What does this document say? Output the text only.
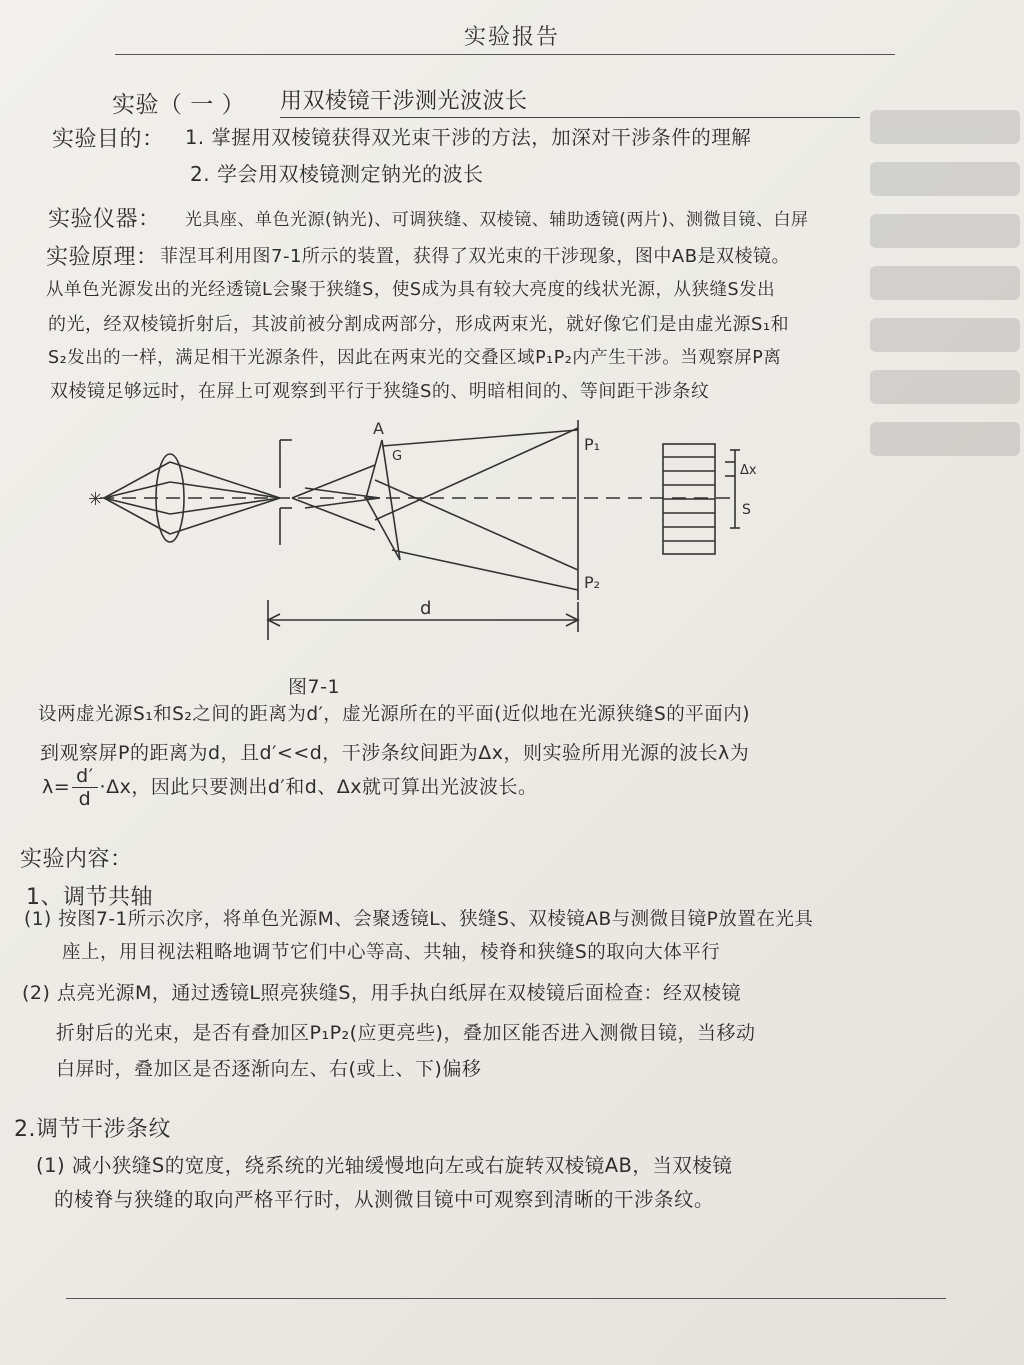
实验报告
实验（ 一 ） 用双棱镜干涉测光波波长
实验目的： 1. 掌握用双棱镜获得双光束干涉的方法，加深对干涉条件的理解
2. 学会用双棱镜测定钠光的波长
实验仪器： 光具座、单色光源(钠光)、可调狭缝、双棱镜、辅助透镜(两片)、测微目镜、白屏
实验原理： 菲涅耳利用图7-1所示的装置，获得了双光束的干涉现象，图中AB是双棱镜。
从单色光源发出的光经透镜L会聚于狭缝S，使S成为具有较大亮度的线状光源，从狭缝S发出
的光，经双棱镜折射后，其波前被分割成两部分，形成两束光，就好像它们是由虚光源S₁和
S₂发出的一样，满足相干光源条件，因此在两束光的交叠区域P₁P₂内产生干涉。当观察屏P离
双棱镜足够远时，在屏上可观察到平行于狭缝S的、明暗相间的、等间距干涉条纹
✳
A
G
P₁
P₂
d
Δx
S
图7-1
设两虚光源S₁和S₂之间的距离为d′，虚光源所在的平面(近似地在光源狭缝S的平面内)
到观察屏P的距离为d，且d′<<d，干涉条纹间距为Δx，则实验所用光源的波长λ为
$\lambda= \frac{d'}{d} \cdot\Delta x$，因此只要测出d′和d、Δx就可算出光波波长。
实验内容：
1、调节共轴
(1) 按图7-1所示次序，将单色光源M、会聚透镜L、狭缝S、双棱镜AB与测微目镜P放置在光具
座上，用目视法粗略地调节它们中心等高、共轴，棱脊和狭缝S的取向大体平行
(2) 点亮光源M，通过透镜L照亮狭缝S，用手执白纸屏在双棱镜后面检查：经双棱镜
折射后的光束，是否有叠加区P₁P₂(应更亮些)，叠加区能否进入测微目镜，当移动
白屏时，叠加区是否逐渐向左、右(或上、下)偏移
2.调节干涉条纹
(1) 减小狭缝S的宽度，绕系统的光轴缓慢地向左或右旋转双棱镜AB，当双棱镜
的棱脊与狭缝的取向严格平行时，从测微目镜中可观察到清晰的干涉条纹。
